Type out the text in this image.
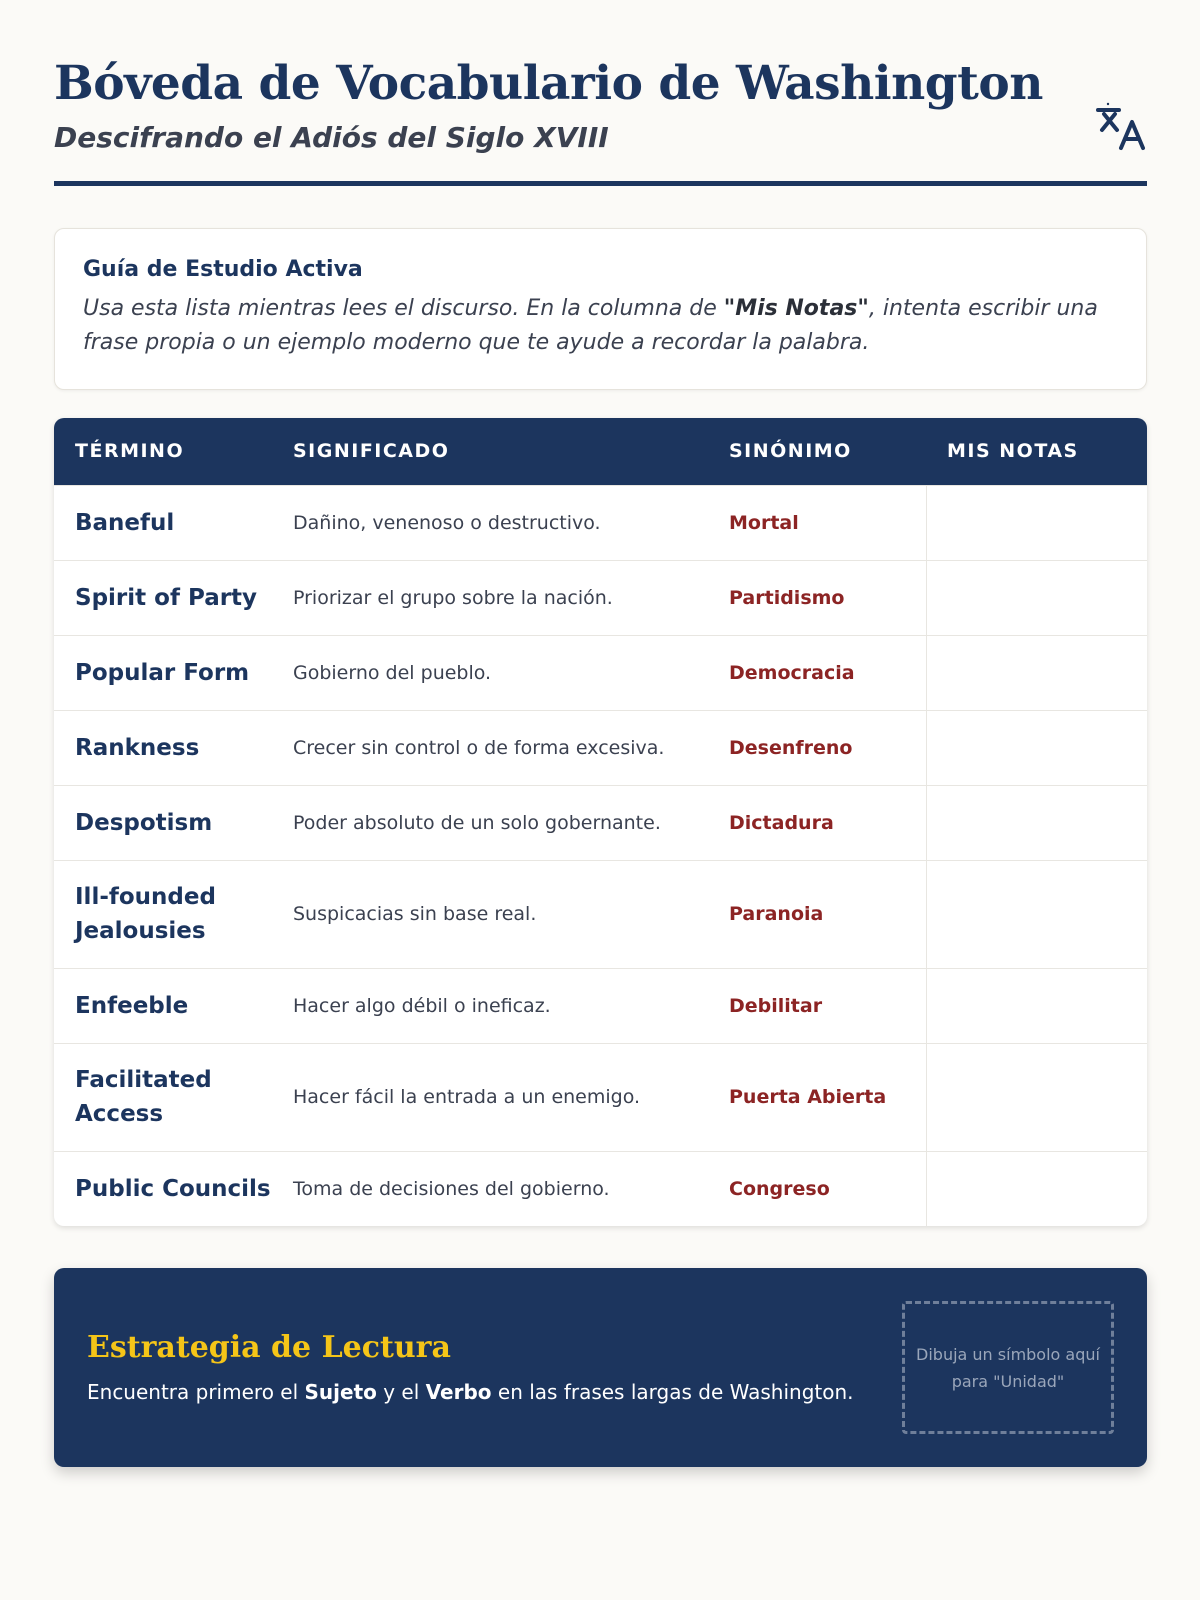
Bóveda de Vocabulario de Washington
Descifrando el Adiós del Siglo XVIII
Guía de Estudio Activa

Usa esta lista mientras lees el discurso. En la columna de "Mis Notas", intenta escribir una frase propia o un ejemplo moderno que te ayude a recordar la palabra.

TÉRMINO	SIGNIFICADO	SINÓNIMO	MIS NOTAS
Baneful	Dañino, venenoso o destructivo.	Mortal	
Spirit of Party	Priorizar el grupo sobre la nación.	Partidismo	
Popular Form	Gobierno del pueblo.	Democracia	
Rankness	Crecer sin control o de forma excesiva.	Desenfreno	
Despotism	Poder absoluto de un solo gobernante.	Dictadura	
Ill-founded Jealousies	Suspicacias sin base real.	Paranoia	
Enfeeble	Hacer algo débil o ineficaz.	Debilitar	
Facilitated Access	Hacer fácil la entrada a un enemigo.	Puerta Abierta	
Public Councils	Toma de decisiones del gobierno.	Congreso	
Estrategia de Lectura

Encuentra primero el Sujeto y el Verbo en las frases largas de Washington.

Dibuja un símbolo aquí para "Unidad"
